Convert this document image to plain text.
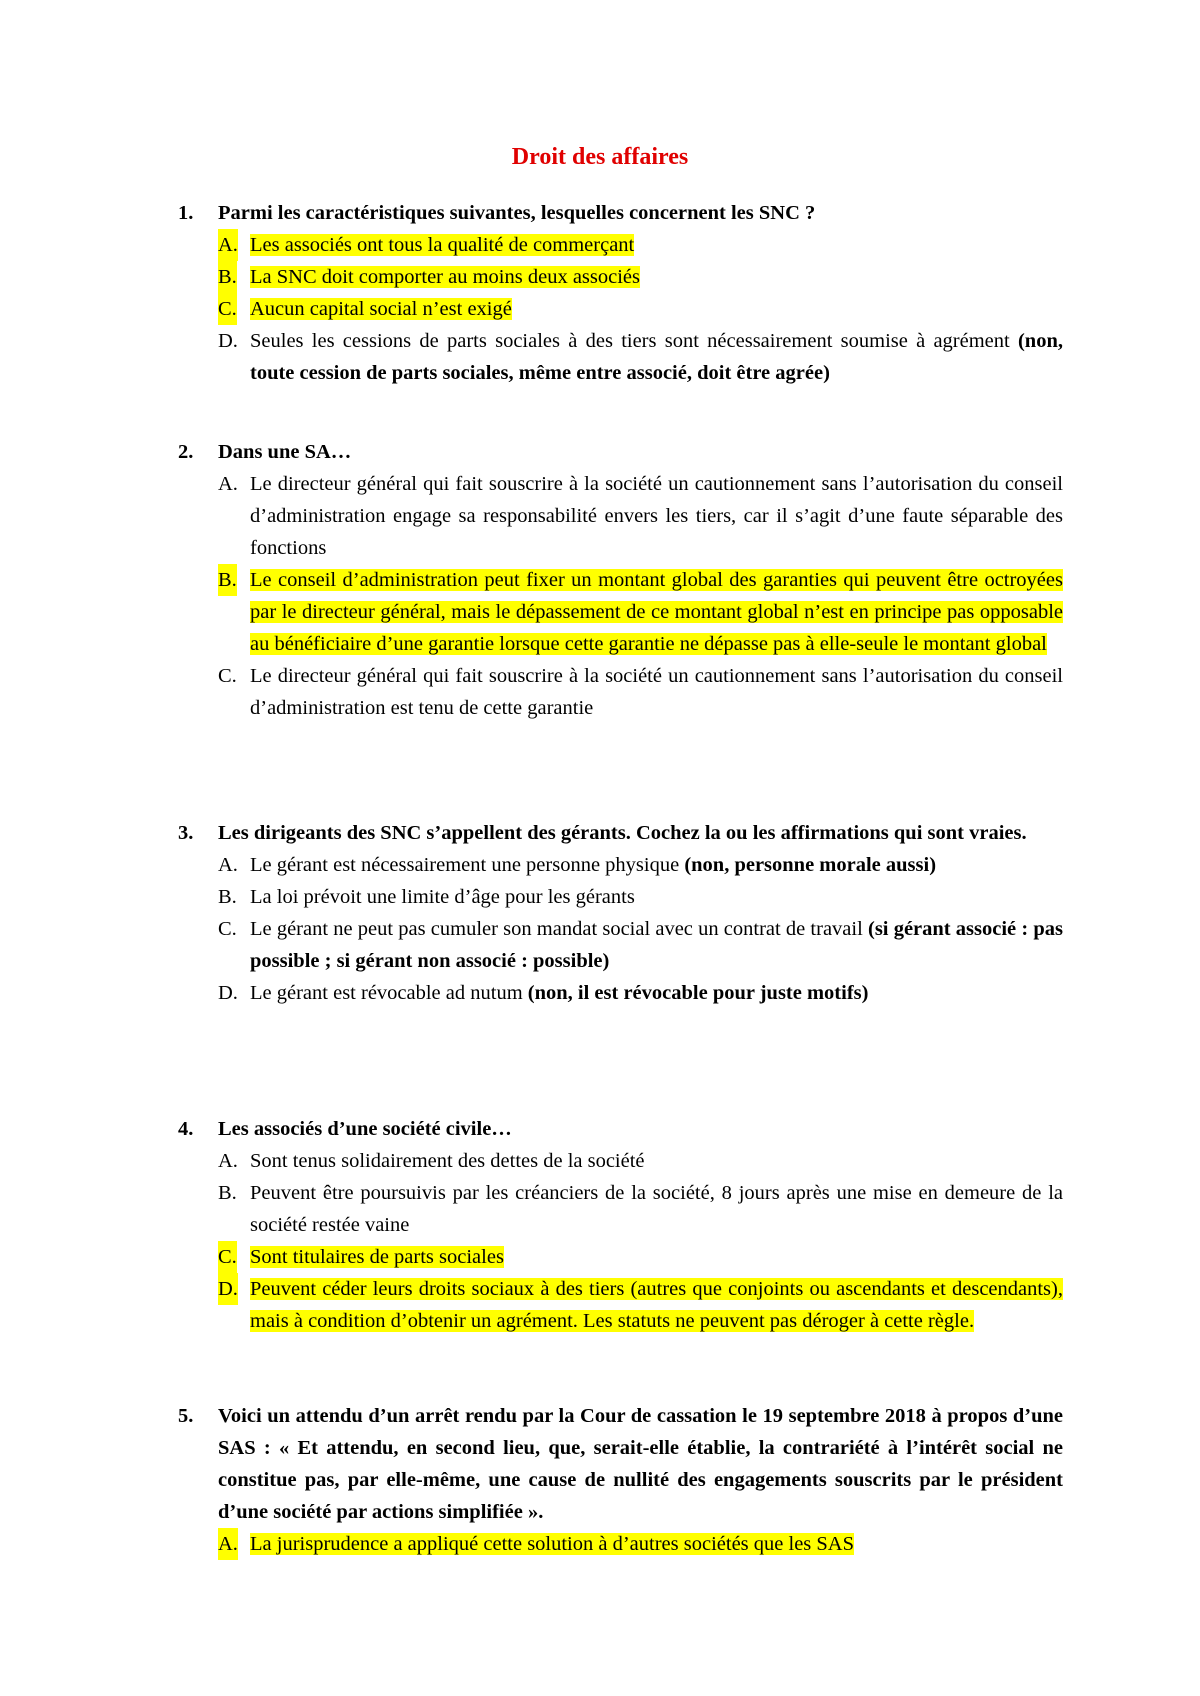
Droit des affaires
1. Parmi les caractéristiques suivantes, lesquelles concernent les SNC ?
A. Les associés ont tous la qualité de commerçant
B. La SNC doit comporter au moins deux associés
C. Aucun capital social n’est exigé
D. Seules les cessions de parts sociales à des tiers sont nécessairement soumise à agrément (non, toute cession de parts sociales, même entre associé, doit être agrée)
2. Dans une SA…
A. Le directeur général qui fait souscrire à la société un cautionnement sans l’autorisation du conseil d’administration engage sa responsabilité envers les tiers, car il s’agit d’une faute séparable des fonctions
B. Le conseil d’administration peut fixer un montant global des garanties qui peuvent être octroyées par le directeur général, mais le dépassement de ce montant global n’est en principe pas opposable au bénéficiaire d’une garantie lorsque cette garantie ne dépasse pas à elle-seule le montant global
C. Le directeur général qui fait souscrire à la société un cautionnement sans l’autorisation du conseil d’administration est tenu de cette garantie
3. Les dirigeants des SNC s’appellent des gérants. Cochez la ou les affirmations qui sont vraies.
A. Le gérant est nécessairement une personne physique (non, personne morale aussi)
B. La loi prévoit une limite d’âge pour les gérants
C. Le gérant ne peut pas cumuler son mandat social avec un contrat de travail (si gérant associé : pas possible ; si gérant non associé : possible)
D. Le gérant est révocable ad nutum (non, il est révocable pour juste motifs)
4. Les associés d’une société civile…
A. Sont tenus solidairement des dettes de la société
B. Peuvent être poursuivis par les créanciers de la société, 8 jours après une mise en demeure de la société restée vaine
C. Sont titulaires de parts sociales
D. Peuvent céder leurs droits sociaux à des tiers (autres que conjoints ou ascendants et descendants), mais à condition d’obtenir un agrément. Les statuts ne peuvent pas déroger à cette règle.
5. Voici un attendu d’un arrêt rendu par la Cour de cassation le 19 septembre 2018 à propos d’une SAS : « Et attendu, en second lieu, que, serait-elle établie, la contrariété à l’intérêt social ne constitue pas, par elle-même, une cause de nullité des engagements souscrits par le président d’une société par actions simplifiée ».
A. La jurisprudence a appliqué cette solution à d’autres sociétés que les SAS
